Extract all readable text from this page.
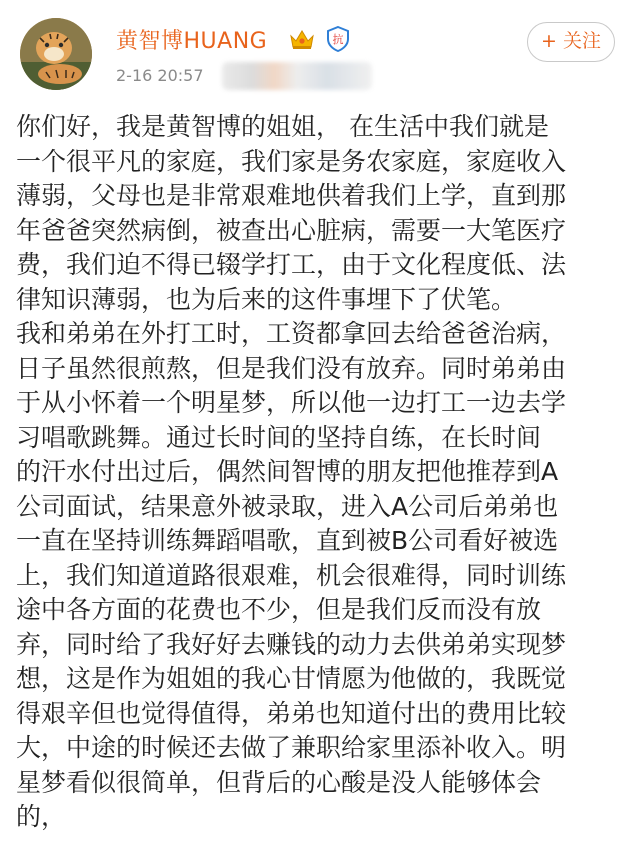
黄智博HUANG	抗
2-16 20:57
+ 关注

你们好，我是黄智博的姐姐， 在生活中我们就是

一个很平凡的家庭，我们家是务农家庭，家庭收入

薄弱，父母也是非常艰难地供着我们上学，直到那

年爸爸突然病倒，被查出心脏病，需要一大笔医疗

费，我们迫不得已辍学打工，由于文化程度低、法

律知识薄弱，也为后来的这件事埋下了伏笔。

我和弟弟在外打工时，工资都拿回去给爸爸治病，

日子虽然很煎熬，但是我们没有放弃。同时弟弟由

于从小怀着一个明星梦，所以他一边打工一边去学

习唱歌跳舞。通过长时间的坚持自练，在长时间

的汗水付出过后，偶然间智博的朋友把他推荐到A

公司面试，结果意外被录取，进入A公司后弟弟也

一直在坚持训练舞蹈唱歌，直到被B公司看好被选

上，我们知道道路很艰难，机会很难得，同时训练

途中各方面的花费也不少，但是我们反而没有放

弃，同时给了我好好去赚钱的动力去供弟弟实现梦

想，这是作为姐姐的我心甘情愿为他做的，我既觉

得艰辛但也觉得值得，弟弟也知道付出的费用比较

大，中途的时候还去做了兼职给家里添补收入。明

星梦看似很简单，但背后的心酸是没人能够体会

的，
